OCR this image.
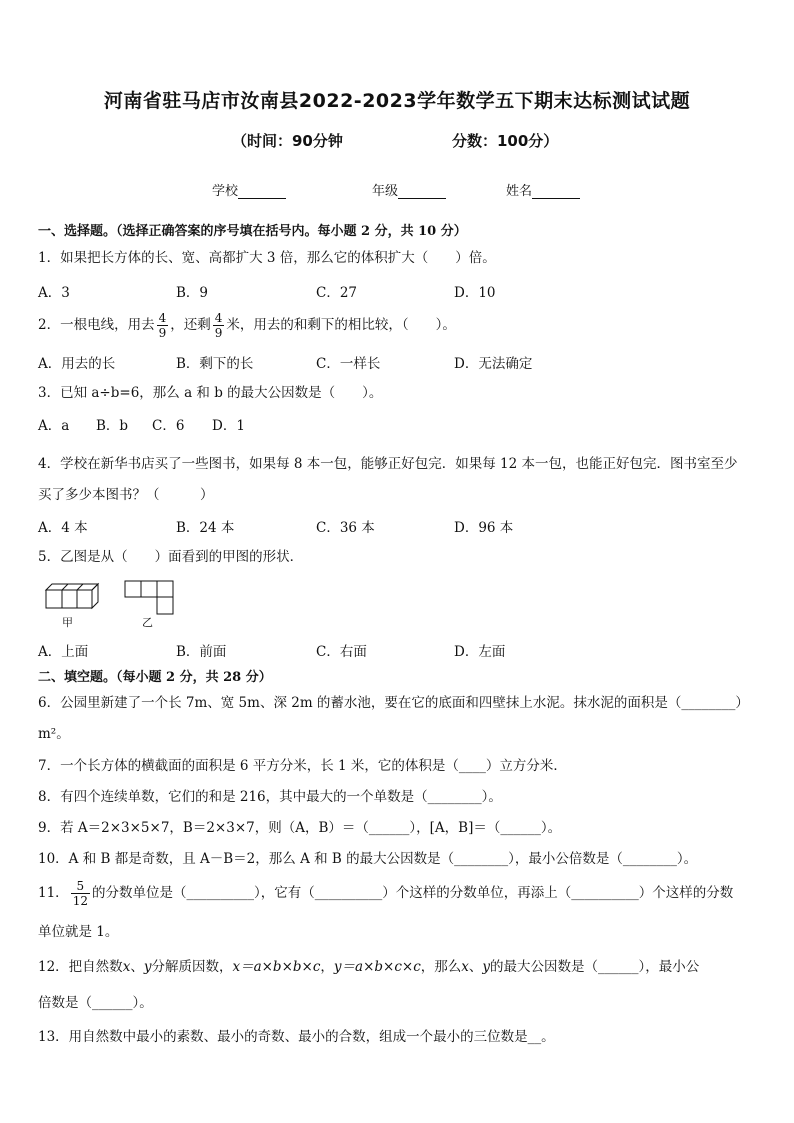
河南省驻马店市汝南县2022-2023学年数学五下期末达标测试试题
（时间：90分钟	分数：100分）
学校	年级	姓名
一、选择题。（选择正确答案的序号填在括号内。每小题 2 分，共 10 分）
1．如果把长方体的长、宽、高都扩大 3 倍，那么它的体积扩大（　　）倍。
A．3	B．9	C．27	D．10
2．一根电线，用去 $\frac{4}{9}$ ，还剩 $\frac{4}{9}$ 米，用去的和剩下的相比较，（　　）。
A．用去的长	B．剩下的长	C．一样长	D．无法确定
3．已知 a÷b=6，那么 a 和 b 的最大公因数是（　　）。
A．a B．b C．6 D．1
4．学校在新华书店买了一些图书，如果每 8 本一包，能够正好包完．如果每 12 本一包，也能正好包完．图书室至少
买了多少本图书？（　　　）
A．4 本	B．24 本	C．36 本	D．96 本
5．乙图是从（　　）面看到的甲图的形状．
甲	乙
A．上面	B．前面	C．右面	D．左面
二、填空题。（每小题 2 分，共 28 分）
6．公园里新建了一个长 7m、宽 5m、深 2m 的蓄水池，要在它的底面和四壁抹上水泥。抹水泥的面积是（________）
m²。
7．一个长方体的横截面的面积是 6 平方分米，长 1 米，它的体积是（____）立方分米．
8．有四个连续单数，它们的和是 216，其中最大的一个单数是（________）。
9．若 A＝2×3×5×7，B＝2×3×7，则（A，B）＝（______），[A，B]＝（______）。
10．A 和 B 都是奇数，且 A－B＝2，那么 A 和 B 的最大公因数是（________），最小公倍数是（________）。
11． $\frac{5}{12}$ 的分数单位是（__________），它有（__________）个这样的分数单位，再添上（__________）个这样的分数
单位就是 1。
12．把自然数x、y分解质因数，x＝a×b×b×c，y＝a×b×c×c，那么x、y的最大公因数是（______），最小公
倍数是（______）。
13．用自然数中最小的素数、最小的奇数、最小的合数，组成一个最小的三位数是__。
